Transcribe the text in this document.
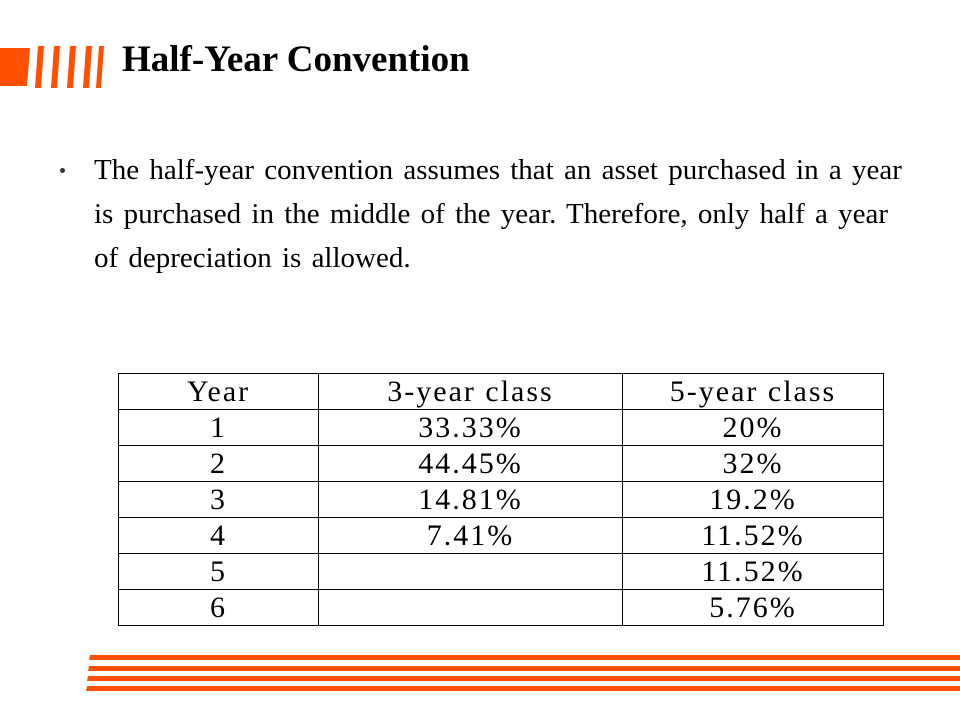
Half-Year Convention

The half-year convention assumes that an asset purchased in a year is purchased in the middle of the year. Therefore, only half a year of depreciation is allowed.

Year	3-year class	5-year class
1	33.33%	20%
2	44.45%	32%
3	14.81%	19.2%
4	7.41%	11.52%
5		11.52%
6		5.76%
